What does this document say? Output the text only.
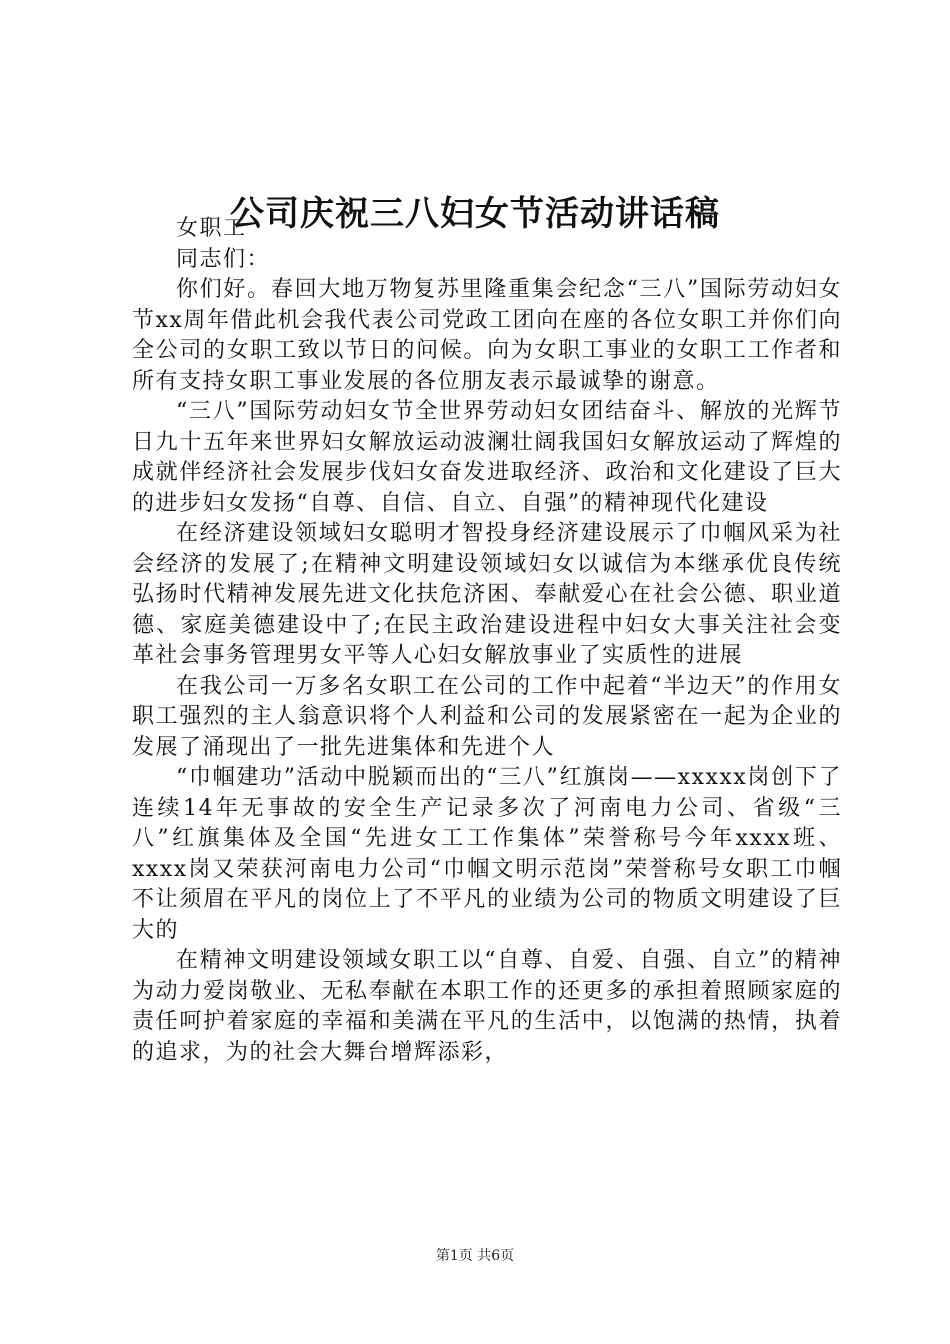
公司庆祝三八妇女节活动讲话稿

女职工

同志们：

你们好。春回大地万物复苏里隆重集会纪念“三八”国际劳动妇女节xx周年借此机会我代表公司党政工团向在座的各位女职工并你们向全公司的女职工致以节日的问候。向为女职工事业的女职工工作者和所有支持女职工事业发展的各位朋友表示最诚挚的谢意。

“三八”国际劳动妇女节全世界劳动妇女团结奋斗、解放的光辉节日九十五年来世界妇女解放运动波澜壮阔我国妇女解放运动了辉煌的成就伴经济社会发展步伐妇女奋发进取经济、政治和文化建设了巨大的进步妇女发扬“自尊、自信、自立、自强”的精神现代化建设

在经济建设领域妇女聪明才智投身经济建设展示了巾帼风采为社会经济的发展了;在精神文明建设领域妇女以诚信为本继承优良传统弘扬时代精神发展先进文化扶危济困、奉献爱心在社会公德、职业道德、家庭美德建设中了;在民主政治建设进程中妇女大事关注社会变革社会事务管理男女平等人心妇女解放事业了实质性的进展

在我公司一万多名女职工在公司的工作中起着“半边天”的作用女职工强烈的主人翁意识将个人利益和公司的发展紧密在一起为企业的发展了涌现出了一批先进集体和先进个人

“巾帼建功”活动中脱颖而出的“三八”红旗岗——xxxxx岗创下了连续14年无事故的安全生产记录多次了河南电力公司、省级“三八”红旗集体及全国“先进女工工作集体”荣誉称号今年xxxx班、xxxx岗又荣获河南电力公司“巾帼文明示范岗”荣誉称号女职工巾帼不让须眉在平凡的岗位上了不平凡的业绩为公司的物质文明建设了巨大的

在精神文明建设领域女职工以“自尊、自爱、自强、自立”的精神为动力爱岗敬业、无私奉献在本职工作的还更多的承担着照顾家庭的责任呵护着家庭的幸福和美满在平凡的生活中，以饱满的热情，执着的追求，为的社会大舞台增辉添彩，

第1页 共6页
